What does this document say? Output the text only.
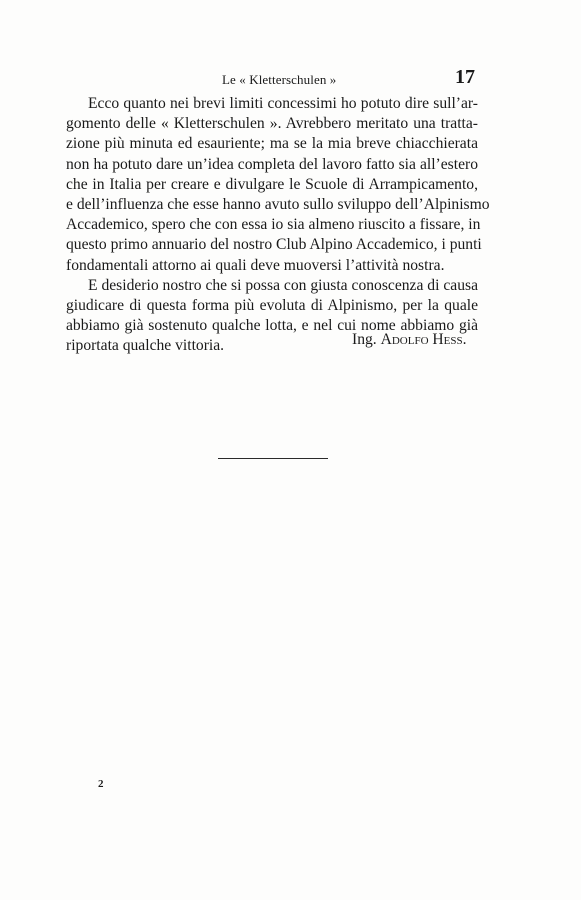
Le « Kletterschulen »	17
Ecco quanto nei brevi limiti concessimi ho potuto dire sull’ar-
gomento delle « Kletterschulen ». Avrebbero meritato una tratta-
zione più minuta ed esauriente; ma se la mia breve chiacchierata
non ha potuto dare un’idea completa del lavoro fatto sia all’estero
che in Italia per creare e divulgare le Scuole di Arrampicamento,
e dell’influenza che esse hanno avuto sullo sviluppo dell’Alpinismo
Accademico, spero che con essa io sia almeno riuscito a fissare, in
questo primo annuario del nostro Club Alpino Accademico, i punti
fondamentali attorno ai quali deve muoversi l’attività nostra.
E desiderio nostro che si possa con giusta conoscenza di causa
giudicare di questa forma più evoluta di Alpinismo, per la quale
abbiamo già sostenuto qualche lotta, e nel cui nome abbiamo già
riportata qualche vittoria.	Ing. Adolfo Hess.
2
